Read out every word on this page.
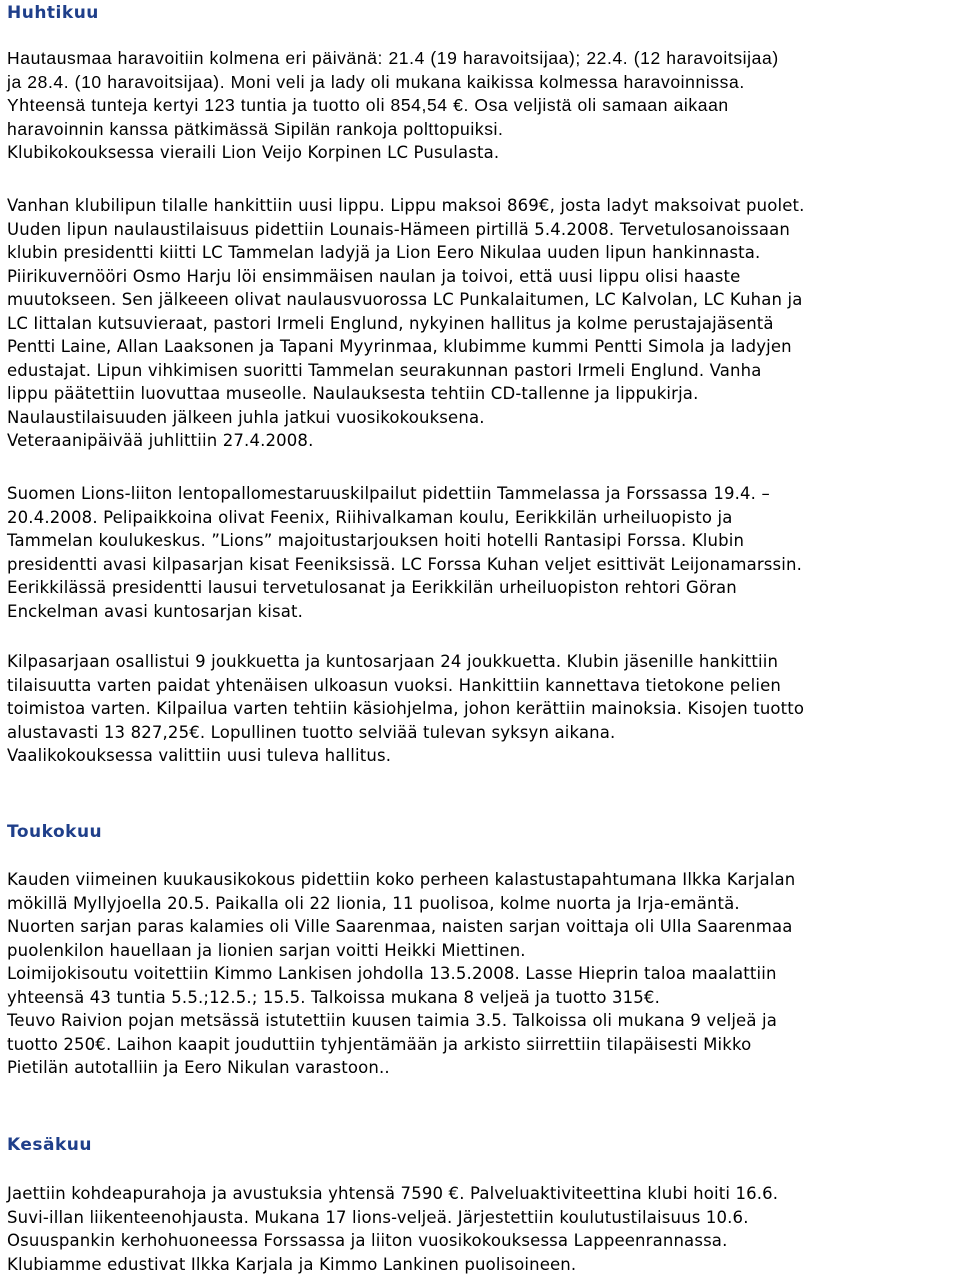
Huhtikuu
Hautausmaa haravoitiin kolmena eri päivänä: 21.4 (19 haravoitsijaa); 22.4. (12 haravoitsijaa)
ja 28.4. (10 haravoitsijaa). Moni veli ja lady oli mukana kaikissa kolmessa haravoinnissa.
Yhteensä tunteja kertyi 123 tuntia ja tuotto oli 854,54 €. Osa veljistä oli samaan aikaan
haravoinnin kanssa pätkimässä Sipilän rankoja polttopuiksi.
Klubikokouksessa vieraili Lion Veijo Korpinen LC Pusulasta.
Vanhan klubilipun tilalle hankittiin uusi lippu. Lippu maksoi 869€, josta ladyt maksoivat puolet.
Uuden lipun naulaustilaisuus pidettiin Lounais-Hämeen pirtillä 5.4.2008. Tervetulosanoissaan
klubin presidentti kiitti LC Tammelan ladyjä ja Lion Eero Nikulaa uuden lipun hankinnasta.
Piirikuvernööri Osmo Harju löi ensimmäisen naulan ja toivoi, että uusi lippu olisi haaste
muutokseen. Sen jälkeeen olivat naulausvuorossa LC Punkalaitumen, LC Kalvolan, LC Kuhan ja
LC Iittalan kutsuvieraat, pastori Irmeli Englund, nykyinen hallitus ja kolme perustajajäsentä
Pentti Laine, Allan Laaksonen ja Tapani Myyrinmaa, klubimme kummi Pentti Simola ja ladyjen
edustajat. Lipun vihkimisen suoritti Tammelan seurakunnan pastori Irmeli Englund. Vanha
lippu päätettiin luovuttaa museolle. Naulauksesta tehtiin CD-tallenne ja lippukirja.
Naulaustilaisuuden jälkeen juhla jatkui vuosikokouksena.
Veteraanipäivää juhlittiin 27.4.2008.
Suomen Lions-liiton lentopallomestaruuskilpailut pidettiin Tammelassa ja Forssassa 19.4. –
20.4.2008. Pelipaikkoina olivat Feenix, Riihivalkaman koulu, Eerikkilän urheiluopisto ja
Tammelan koulukeskus. ”Lions” majoitustarjouksen hoiti hotelli Rantasipi Forssa. Klubin
presidentti avasi kilpasarjan kisat Feeniksissä. LC Forssa Kuhan veljet esittivät Leijonamarssin.
Eerikkilässä presidentti lausui tervetulosanat ja Eerikkilän urheiluopiston rehtori Göran
Enckelman avasi kuntosarjan kisat.
Kilpasarjaan osallistui 9 joukkuetta ja kuntosarjaan 24 joukkuetta. Klubin jäsenille hankittiin
tilaisuutta varten paidat yhtenäisen ulkoasun vuoksi. Hankittiin kannettava tietokone pelien
toimistoa varten. Kilpailua varten tehtiin käsiohjelma, johon kerättiin mainoksia. Kisojen tuotto
alustavasti 13 827,25€. Lopullinen tuotto selviää tulevan syksyn aikana.
Vaalikokouksessa valittiin uusi tuleva hallitus.
Toukokuu
Kauden viimeinen kuukausikokous pidettiin koko perheen kalastustapahtumana Ilkka Karjalan
mökillä Myllyjoella 20.5. Paikalla oli 22 lionia, 11 puolisoa, kolme nuorta ja Irja-emäntä.
Nuorten sarjan paras kalamies oli Ville Saarenmaa, naisten sarjan voittaja oli Ulla Saarenmaa
puolenkilon hauellaan ja lionien sarjan voitti Heikki Miettinen.
Loimijokisoutu voitettiin Kimmo Lankisen johdolla 13.5.2008. Lasse Hieprin taloa maalattiin
yhteensä 43 tuntia 5.5.;12.5.; 15.5. Talkoissa mukana 8 veljeä ja tuotto 315€.
Teuvo Raivion pojan metsässä istutettiin kuusen taimia 3.5. Talkoissa oli mukana 9 veljeä ja
tuotto 250€. Laihon kaapit jouduttiin tyhjentämään ja arkisto siirrettiin tilapäisesti Mikko
Pietilän autotalliin ja Eero Nikulan varastoon..
Kesäkuu
Jaettiin kohdeapurahoja ja avustuksia yhtensä 7590 €. Palveluaktiviteettina klubi hoiti 16.6.
Suvi-illan liikenteenohjausta. Mukana 17 lions-veljeä. Järjestettiin koulutustilaisuus 10.6.
Osuuspankin kerhohuoneessa Forssassa ja liiton vuosikokouksessa Lappeenrannassa.
Klubiamme edustivat Ilkka Karjala ja Kimmo Lankinen puolisoineen.
